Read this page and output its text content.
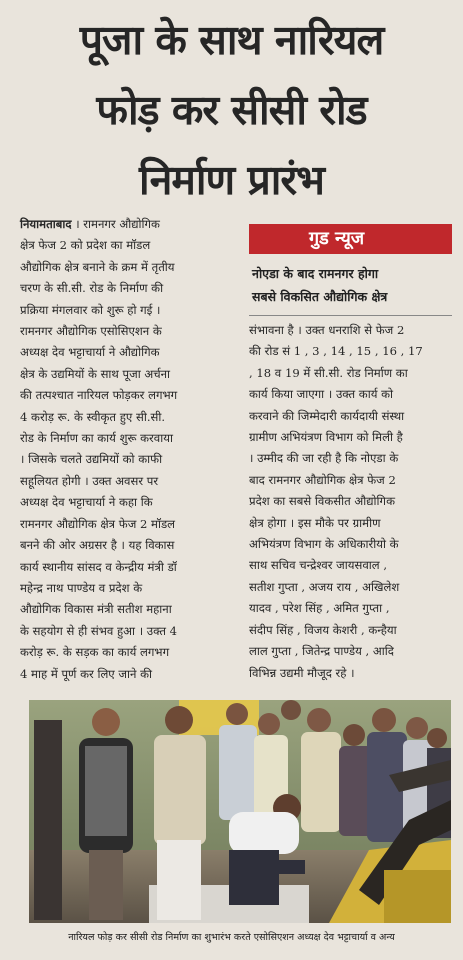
पूजा के साथ नारियल
फोड़ कर सीसी रोड
निर्माण प्रारंभ
नियामताबाद । रामनगर औद्योगिक
क्षेत्र फेज 2 को प्रदेश का मॉडल
औद्योगिक क्षेत्र बनाने के क्रम में तृतीय
चरण के सी.सी. रोड के निर्माण की
प्रक्रिया मंगलवार को शुरू हो गई ।
रामनगर औद्योगिक एसोसिएशन के
अध्यक्ष देव भट्टाचार्या ने औद्योगिक
क्षेत्र के उद्यमियों के साथ पूजा अर्चना
की तत्पश्चात नारियल फोड़कर लगभग
4 करोड़ रू. के स्वीकृत हुए सी.सी.
रोड के निर्माण का कार्य शुरू करवाया
। जिसके चलते उद्यमियों को काफी
सहूलियत होगी । उक्त अवसर पर
अध्यक्ष देव भट्टाचार्या ने कहा कि
रामनगर औद्योगिक क्षेत्र फेज 2 मॉडल
बनने की ओर अग्रसर है । यह विकास
कार्य स्थानीय सांसद व केन्द्रीय मंत्री डॉ
महेन्द्र नाथ पाण्डेय व प्रदेश के
औद्योगिक विकास मंत्री सतीश महाना
के सहयोग से ही संभव हुआ । उक्त 4
करोड़ रू. के सड़क का कार्य लगभग
4 माह में पूर्ण कर लिए जाने की
गुड न्यूज
नोएडा के बाद रामनगर होगा
सबसे विकसित औद्योगिक क्षेत्र
संभावना है । उक्त धनराशि से फेज 2
की रोड सं 1 , 3 , 14 , 15 , 16 , 17
, 18 व 19 में सी.सी. रोड निर्माण का
कार्य किया जाएगा । उक्त कार्य को
करवाने की जिम्मेदारी कार्यदायी संस्था
ग्रामीण अभियंत्रण विभाग को मिली है
। उम्मीद की जा रही है कि नोएडा के
बाद रामनगर औद्योगिक क्षेत्र फेज 2
प्रदेश का सबसे विकसीत औद्योगिक
क्षेत्र होगा । इस मौके पर ग्रामीण
अभियंत्रण विभाग के अधिकारीयो के
साथ सचिव चन्द्रेश्वर जायसवाल ,
सतीश गुप्ता , अजय राय , अखिलेश
यादव , परेश सिंह , अमित गुप्ता ,
संदीप सिंह , विजय केशरी , कन्हैया
लाल गुप्ता , जितेन्द्र पाण्डेय , आदि
विभिन्न उद्यमी मौजूद रहे ।
नारियल फोड़ कर सीसी रोड निर्माण का शुभारंभ करते एसोसिएशन अध्यक्ष देव भट्टाचार्या व अन्य
